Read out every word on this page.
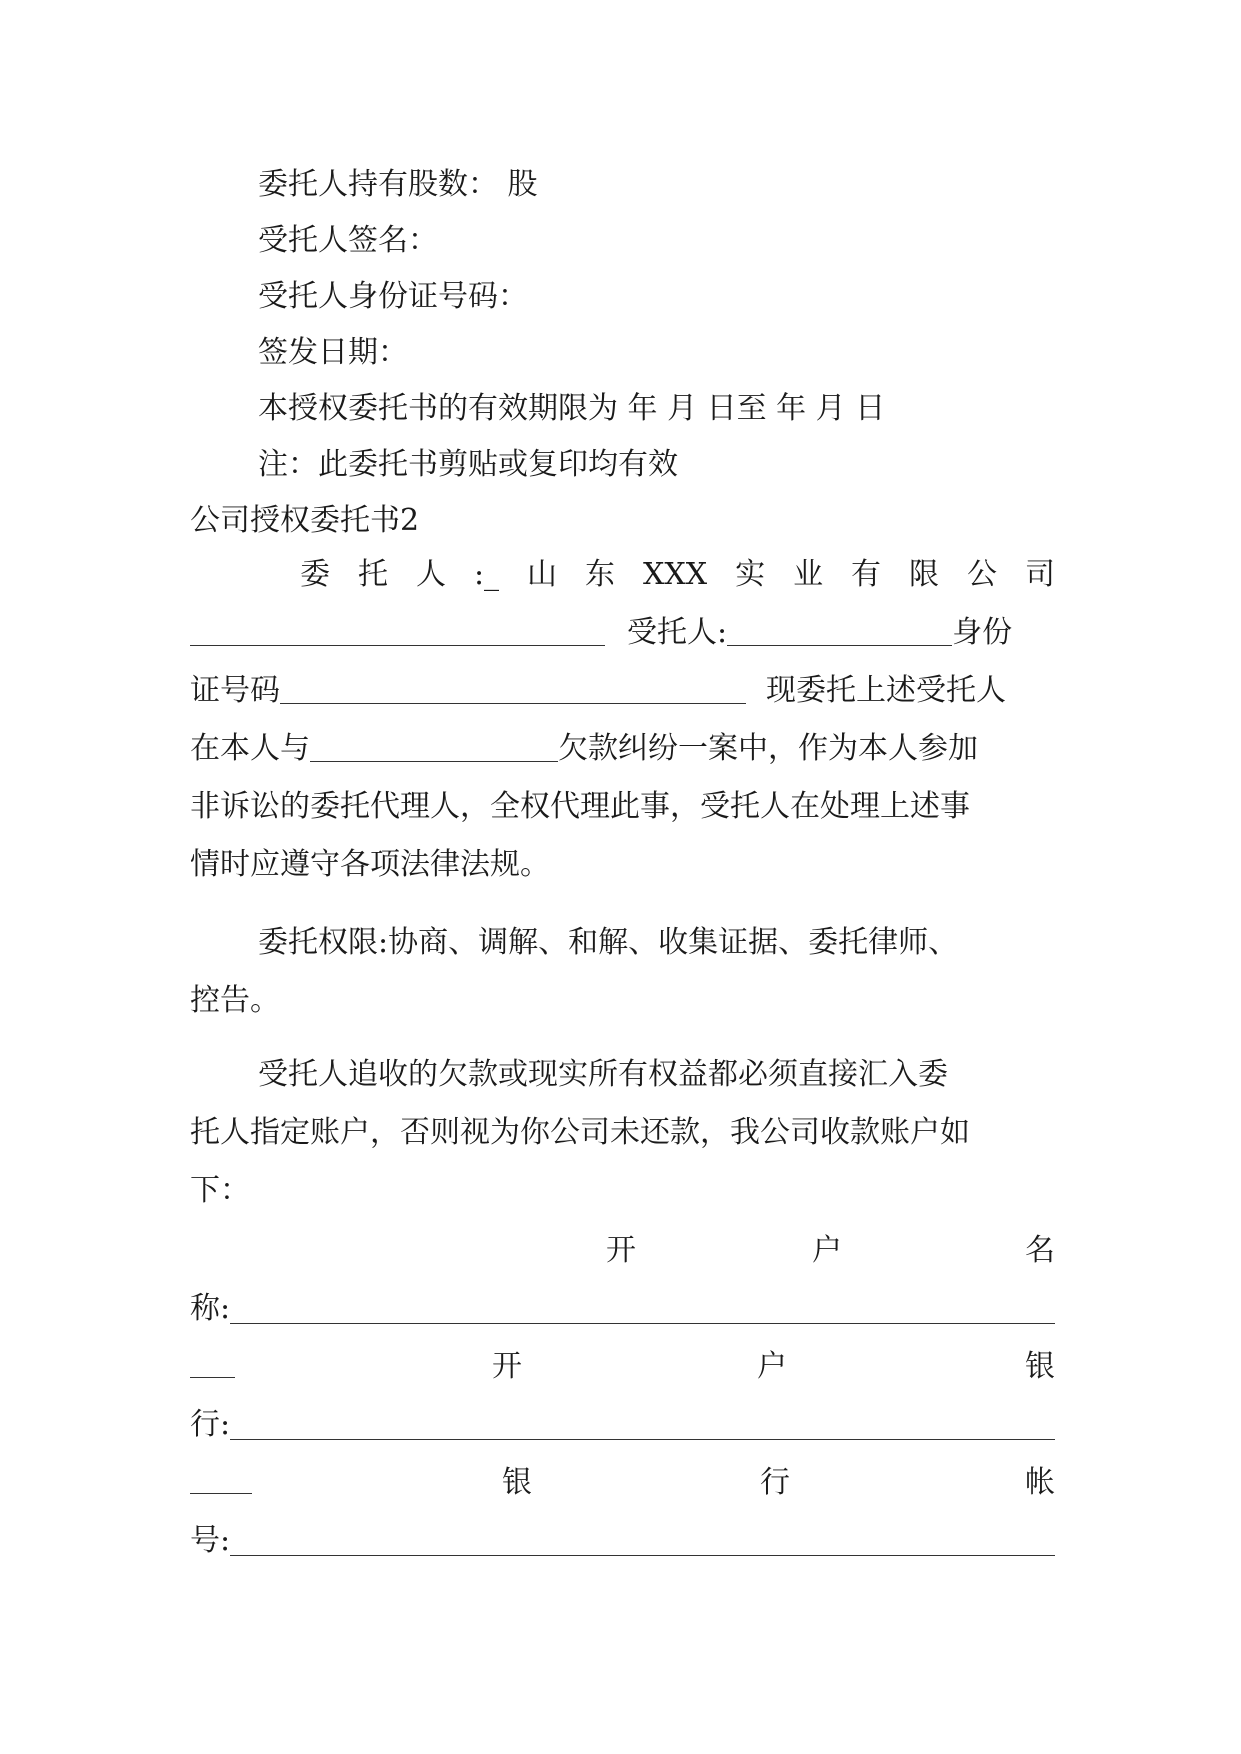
委托人持有股数： 股
受托人签名：
受托人身份证号码：
签发日期：
本授权委托书的有效期限为 年 月 日至 年 月 日
注：此委托书剪贴或复印均有效
公司授权委托书2
委 托 人 :_ 山 东 XXX 实 业 有 限 公 司
受托人:	身份
证号码	现委托上述受托人
在本人与	欠款纠纷一案中，作为本人参加
非诉讼的委托代理人，全权代理此事，受托人在处理上述事
情时应遵守各项法律法规。
委托权限:协商、调解、和解、收集证据、委托律师、
控告。
受托人追收的欠款或现实所有权益都必须直接汇入委
托人指定账户，否则视为你公司未还款，我公司收款账户如
下：
开	户	名
称:
开	户	银
行:
银	行	帐
号:
